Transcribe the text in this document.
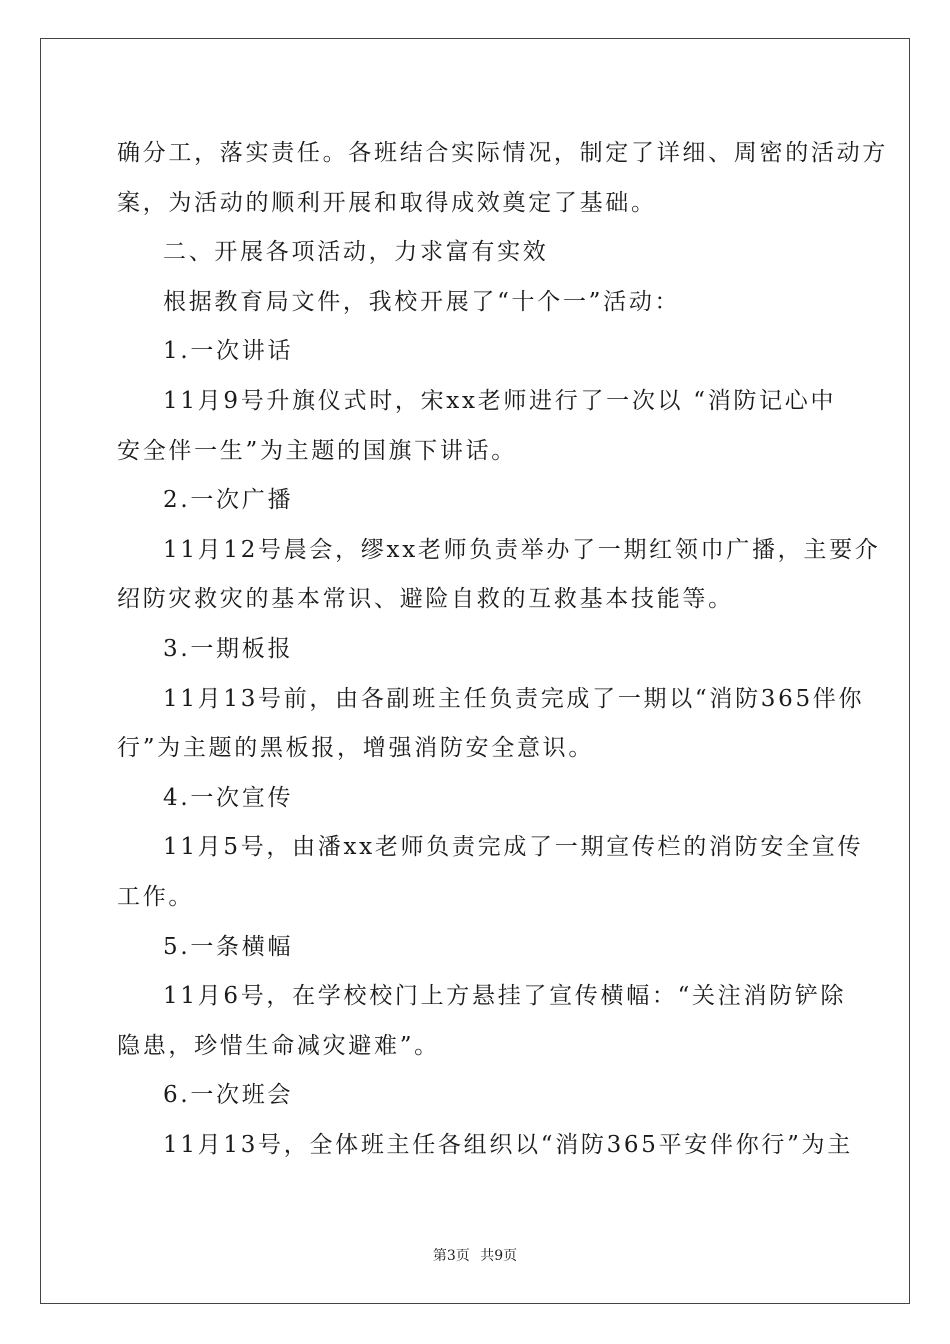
确分工，落实责任。各班结合实际情况，制定了详细、周密的活动方
案，为活动的顺利开展和取得成效奠定了基础。
二、开展各项活动，力求富有实效
根据教育局文件，我校开展了“十个一”活动：
1.一次讲话
11月9号升旗仪式时，宋xx老师进行了一次以 “消防记心中
安全伴一生”为主题的国旗下讲话。
2.一次广播
11月12号晨会，缪xx老师负责举办了一期红领巾广播，主要介
绍防灾救灾的基本常识、避险自救的互救基本技能等。
3.一期板报
11月13号前，由各副班主任负责完成了一期以“消防365伴你
行”为主题的黑板报，增强消防安全意识。
4.一次宣传
11月5号，由潘xx老师负责完成了一期宣传栏的消防安全宣传
工作。
5.一条横幅
11月6号，在学校校门上方悬挂了宣传横幅：“关注消防铲除
隐患，珍惜生命减灾避难”。
6.一次班会
11月13号，全体班主任各组织以“消防365平安伴你行”为主
第3页 共9页
